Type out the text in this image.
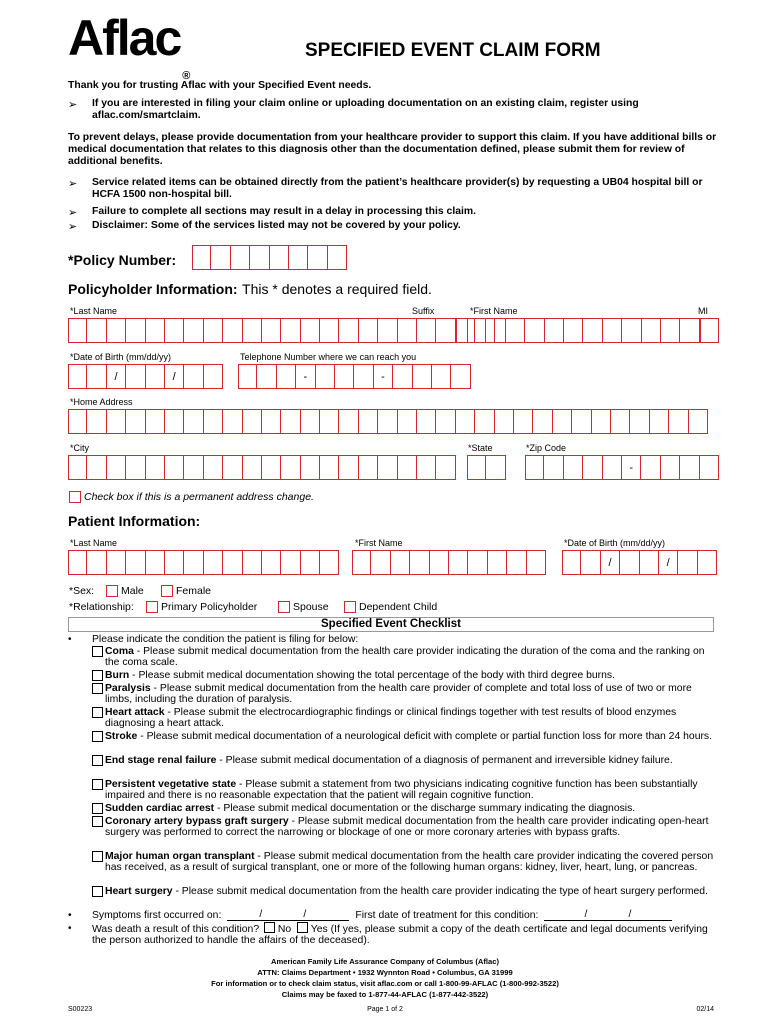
Aflac®
SPECIFIED EVENT CLAIM FORM
Thank you for trusting Aflac with your Specified Event needs.
➢ If you are interested in filing your claim online or uploading documentation on an existing claim, register using aflac.com/smartclaim.
To prevent delays, please provide documentation from your healthcare provider to support this claim. If you have additional bills or medical documentation that relates to this diagnosis other than the documentation defined, please submit them for review of additional benefits.
➢ Service related items can be obtained directly from the patient’s healthcare provider(s) by requesting a UB04 hospital bill or HCFA 1500 non-hospital bill.
➢ Failure to complete all sections may result in a delay in processing this claim.
➢ Disclaimer: Some of the services listed may not be covered by your policy.
*Policy Number:
Policyholder Information: This * denotes a required field.
*Last Name	Suffix	*First Name	MI
*Date of Birth (mm/dd/yy)	Telephone Number where we can reach you
/	/	-	-
*Home Address
*City	*State	*Zip Code
-
Check box if this is a permanent address change.
Patient Information:
*Last Name	*First Name	*Date of Birth (mm/dd/yy)
/	/
*Sex:	Male	Female
*Relationship:	Primary Policyholder	Spouse	Dependent Child
Specified Event Checklist
• Please indicate the condition the patient is filing for below:
Coma - Please submit medical documentation from the health care provider indicating the duration of the coma and the ranking on the coma scale.
Burn - Please submit medical documentation showing the total percentage of the body with third degree burns.
Paralysis - Please submit medical documentation from the health care provider of complete and total loss of use of two or more limbs, including the duration of paralysis.
Heart attack - Please submit the electrocardiographic findings or clinical findings together with test results of blood enzymes diagnosing a heart attack.
Stroke - Please submit medical documentation of a neurological deficit with complete or partial function loss for more than 24 hours.
End stage renal failure - Please submit medical documentation of a diagnosis of permanent and irreversible kidney failure.
Persistent vegetative state - Please submit a statement from two physicians indicating cognitive function has been substantially impaired and there is no reasonable expectation that the patient will regain cognitive function.
Sudden cardiac arrest - Please submit medical documentation or the discharge summary indicating the diagnosis.
Coronary artery bypass graft surgery - Please submit medical documentation from the health care provider indicating open-heart surgery was performed to correct the narrowing or blockage of one or more coronary arteries with bypass grafts.
Major human organ transplant - Please submit medical documentation from the health care provider indicating the covered person has received, as a result of surgical transplant, one or more of the following human organs: kidney, liver, heart, lung, or pancreas.
Heart surgery - Please submit medical documentation from the health care provider indicating the type of heart surgery performed.
• Symptoms first occurred on:	/	/	First date of treatment for this condition:	/	/
• Was death a result of this condition? No Yes (If yes, please submit a copy of the death certificate and legal documents verifying the person authorized to handle the affairs of the deceased).
American Family Life Assurance Company of Columbus (Aflac)
ATTN: Claims Department • 1932 Wynnton Road • Columbus, GA 31999
For information or to check claim status, visit aflac.com or call 1-800-99-AFLAC (1-800-992-3522)
Claims may be faxed to 1-877-44-AFLAC (1-877-442-3522)
S00223	Page 1 of 2	02/14
